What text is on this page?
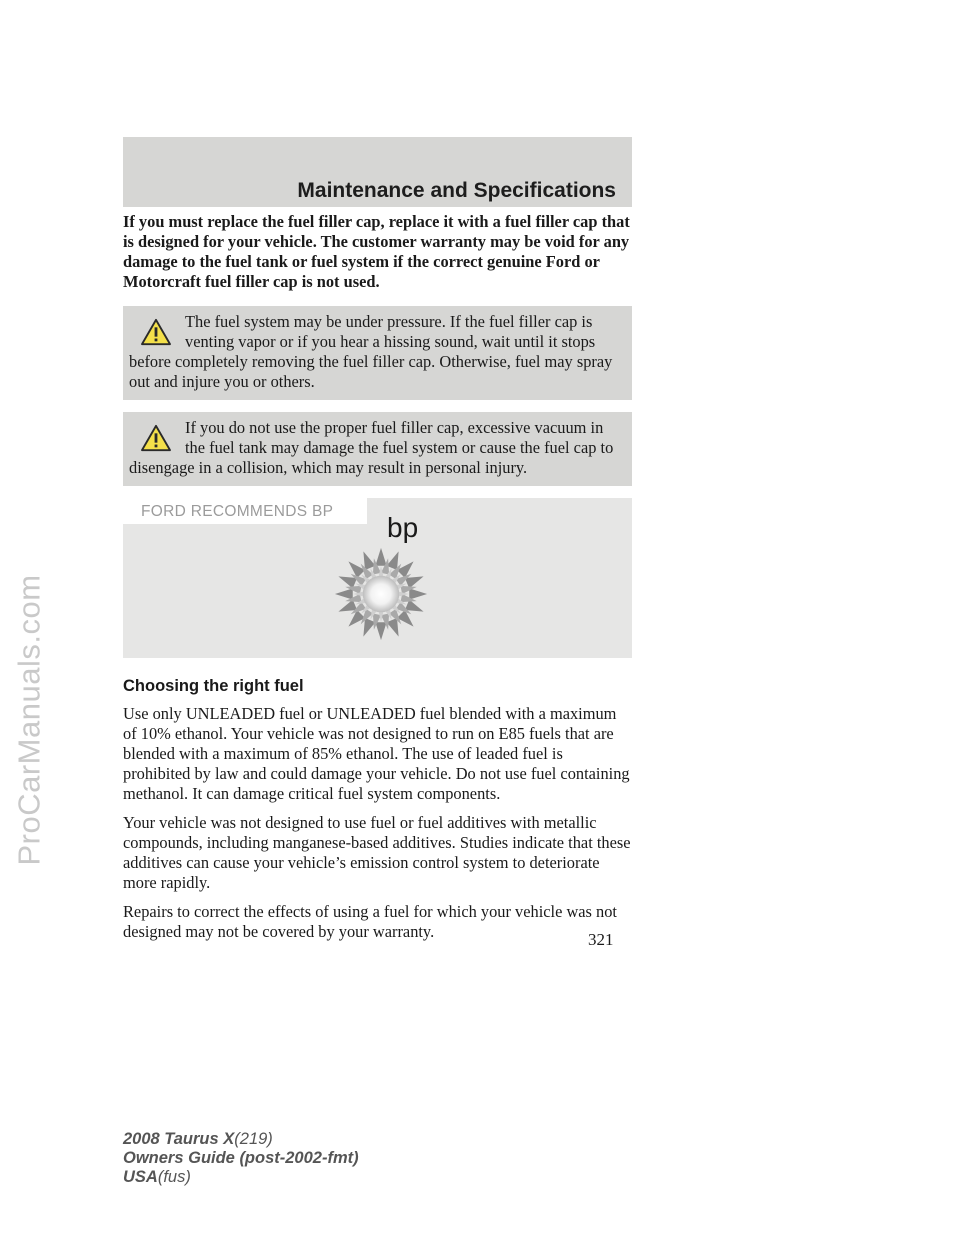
ProCarManuals.com
Maintenance and Specifications

If you must replace the fuel filler cap, replace it with a fuel filler cap that is designed for your vehicle. The customer warranty may be void for any damage to the fuel tank or fuel system if the correct genuine Ford or Motorcraft fuel filler cap is not used.

The fuel system may be under pressure. If the fuel filler cap is venting vapor or if you hear a hissing sound, wait until it stops before completely removing the fuel filler cap. Otherwise, fuel may spray out and injure you or others.

If you do not use the proper fuel filler cap, excessive vacuum in the fuel tank may damage the fuel system or cause the fuel cap to disengage in a collision, which may result in personal injury.

FORD RECOMMENDS BP
bp
Choosing the right fuel

Use only UNLEADED fuel or UNLEADED fuel blended with a maximum of 10% ethanol. Your vehicle was not designed to run on E85 fuels that are blended with a maximum of 85% ethanol. The use of leaded fuel is prohibited by law and could damage your vehicle. Do not use fuel containing methanol. It can damage critical fuel system components.

Your vehicle was not designed to use fuel or fuel additives with metallic compounds, including manganese-based additives. Studies indicate that these additives can cause your vehicle’s emission control system to deteriorate more rapidly.

Repairs to correct the effects of using a fuel for which your vehicle was not designed may not be covered by your warranty.	321
2008 Taurus X(219)
Owners Guide (post-2002-fmt)
USA(fus)
